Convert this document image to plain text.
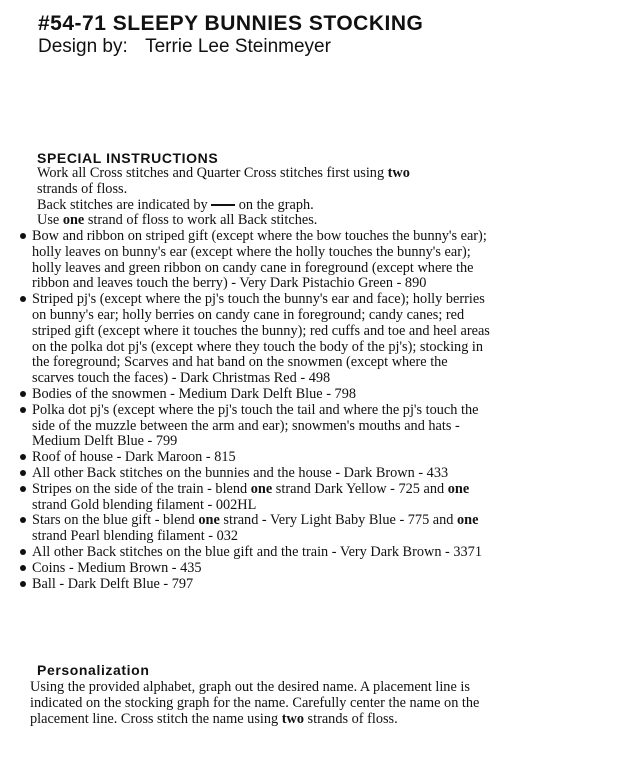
#54-71 SLEEPY BUNNIES STOCKING
Design by: Terrie Lee Steinmeyer
SPECIAL INSTRUCTIONS
Work all Cross stitches and Quarter Cross stitches first using two
strands of floss.
Back stitches are indicated by on the graph.
Use one strand of floss to work all Back stitches.
Bow and ribbon on striped gift (except where the bow touches the bunny's ear); holly leaves on bunny's ear (except where the holly touches the bunny's ear); holly leaves and green ribbon on candy cane in foreground (except where the ribbon and leaves touch the berry) - Very Dark Pistachio Green - 890
Striped pj's (except where the pj's touch the bunny's ear and face); holly berries on bunny's ear; holly berries on candy cane in foreground; candy canes; red striped gift (except where it touches the bunny); red cuffs and toe and heel areas on the polka dot pj's (except where they touch the body of the pj's); stocking in the foreground; Scarves and hat band on the snowmen (except where the scarves touch the faces) - Dark Christmas Red - 498
Bodies of the snowmen - Medium Dark Delft Blue - 798
Polka dot pj's (except where the pj's touch the tail and where the pj's touch the side of the muzzle between the arm and ear); snowmen's mouths and hats - Medium Delft Blue - 799
Roof of house - Dark Maroon - 815
All other Back stitches on the bunnies and the house - Dark Brown - 433
Stripes on the side of the train - blend one strand Dark Yellow - 725 and one strand Gold blending filament - 002HL
Stars on the blue gift - blend one strand - Very Light Baby Blue - 775 and one strand Pearl blending filament - 032
All other Back stitches on the blue gift and the train - Very Dark Brown - 3371
Coins - Medium Brown - 435
Ball - Dark Delft Blue - 797
Personalization
Using the provided alphabet, graph out the desired name. A placement line is indicated on the stocking graph for the name. Carefully center the name on the placement line. Cross stitch the name using two strands of floss.
